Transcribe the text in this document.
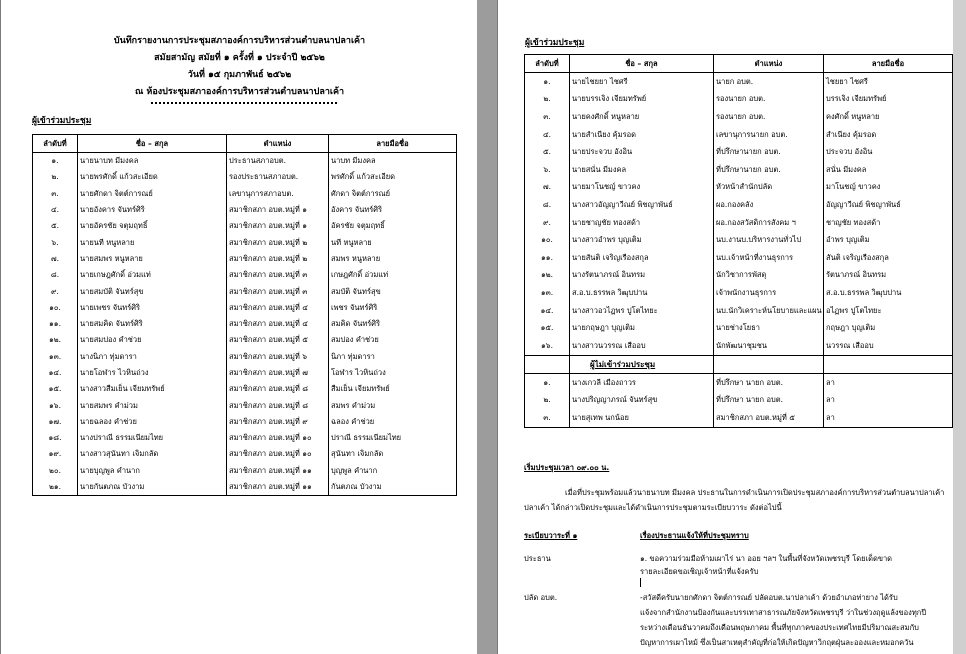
บันทึกรายงานการประชุมสภาองค์การบริหารส่วนตำบลนาปลาเค้า
สมัยสามัญ สมัยที่ ๑ ครั้งที่ ๑ ประจำปี ๒๕๖๒
วันที่ ๑๕ กุมภาพันธ์ ๒๕๖๒
ณ ห้องประชุมสภาองค์การบริหารส่วนตำบลนาปลาเค้า
ผู้เข้าร่วมประชุม
ลำดับที่	ชื่อ – สกุล	ตำแหน่ง	ลายมือชื่อ
๑.	นายนาบท มีมงคล	ประธานสภาอบต.	นาบท มีมงคล
๒.	นายพรศักดิ์ แก้วสะเอียด	รองประธานสภาอบต.	พรศักดิ์ แก้วสะเอียด
๓.	นายศักดา จิตต์การณย์	เลขานุการสภาอบต.	ศักดา จิตต์การณย์
๔.	นายอังคาร จันทร์ศิริ	สมาชิกสภา อบต.หมู่ที่ ๑	อังคาร จันทร์ศิริ
๕.	นายอัครชัย จตุมฤทธิ์	สมาชิกสภา อบต.หมู่ที่ ๑	อัครชัย จตุมฤทธิ์
๖.	นายนที หนูหลาย	สมาชิกสภา อบต.หมู่ที่ ๒	นที หนูหลาย
๗.	นายสมพร หนูหลาย	สมาชิกสภา อบต.หมู่ที่ ๒	สมพร หนูหลาย
๘.	นายเกษฎศักดิ์ อ่วมแท่	สมาชิกสภา อบต.หมู่ที่ ๓	เกษฎศักดิ์ อ่วมแท่
๙.	นายสมบัติ จันทร์สุข	สมาชิกสภา อบต.หมู่ที่ ๓	สมบัติ จันทร์สุข
๑๐.	นายเพชร จันทร์ศิริ	สมาชิกสภา อบต.หมู่ที่ ๔	เพชร จันทร์ศิริ
๑๑.	นายสมคิด จันทร์ศิริ	สมาชิกสภา อบต.หมู่ที่ ๔	สมคิด จันทร์ศิริ
๑๒.	นายสมปอง คำช่วย	สมาชิกสภา อบต.หมู่ที่ ๕	สมปอง คำช่วย
๑๓.	นางนิภา ทุ่มดารา	สมาชิกสภา อบต.หมู่ที่ ๖	นิภา ทุ่มดารา
๑๔.	นายโอฬาร ไวหินถ่วง	สมาชิกสภา อบต.หมู่ที่ ๗	โอฬาร ไวหินถ่วง
๑๕.	นางสาวสืมเย็น เจียมทรัพย์	สมาชิกสภา อบต.หมู่ที่ ๘	สืมเย็น เจียมทรัพย์
๑๖.	นายสมพร คำม่วม	สมาชิกสภา อบต.หมู่ที่ ๘	สมพร คำม่วม
๑๗.	นายฉลอง คำช่วย	สมาชิกสภา อบต.หมู่ที่ ๙	ฉลอง คำช่วย
๑๘.	นางปราณี ธรรมเนียมไทย	สมาชิกสภา อบต.หมู่ที่ ๑๐	ปราณี ธรรมเนียมไทย
๑๙.	นางสาวสุนันทา เจิมกลัด	สมาชิกสภา อบต.หมู่ที่ ๑๐	สุนันทา เจิมกลัด
๒๐.	นายบุญพูล คำนาก	สมาชิกสภา อบต.หมู่ที่ ๑๑	บุญพูล คำนาก
๒๑.	นายกันตภณ บัวงาม	สมาชิกสภา อบต.หมู่ที่ ๑๑	กันตภณ บัวงาม
ผู้เข้าร่วมประชุม
ลำดับที่	ชื่อ – สกุล	ตำแหน่ง	ลายมือชื่อ
๑.	นายไชยยา ไชศรี	นายก อบต.	ไชยยา ไชศรี
๒.	นายบรรเจิง เจียมทรัพย์	รองนายก อบต.	บรรเจิง เจียมทรัพย์
๓.	นายคงศักดิ์ หนูหลาย	รองนายก อบต.	คงศักดิ์ หนูหลาย
๔.	นายสำเนียง คุ้มรอด	เลขานุการนายก อบต.	สำเนียง คุ้มรอด
๕.	นายประจวบ อังอิน	ที่ปรึกษานายก อบต.	ประจวบ อังอิน
๖.	นายสนั่น มีมงคล	ที่ปรึกษานายก อบต.	สนั่น มีมงคล
๗.	นายมาโนชญ์ ขาวคง	หัวหน้าสำนักปลัด	มาโนชญ์ ขาวคง
๘.	นางสาวอัญญาวีณย์ พิชญาพันธ์	ผอ.กองคลัง	อัญญาวีณย์ พิชญาพันธ์
๙.	นายชาญชัย ทองสด้า	ผอ.กองสวัสดิการสังคม ฯ	ชาญชัย ทองสด้า
๑๐.	นางสาวอำพร บุญเติม	นบ.งานบ.บริหารงานทั่วไป	อำพร บุญเติม
๑๑.	นายสันติ เจริญเรืองสกุล	นบ.เจ้าหน้าที่งานธุรการ	สันติ เจริญเรืองสกุล
๑๒.	นางรัตนาภรณ์ อินทรม	นักวิชาการพัสดุ	รัตนาภรณ์ อินทรม
๑๓.	ส.อ.บ.ธรรพล วิฒุบปาน	เจ้าพนักงานธุรการ	ส.อ.บ.ธรรพล วิฒุบปาน
๑๔.	นางสาวอวไฏพร ปูโตไทยะ	นบ.นักวิเคราะห์นโยบายและแผน	อไฏพร ปูโตไทยะ
๑๕.	นายกฤษฎา บุญเติม	นายช่างโยธา	กฤษฎา บุญเติม
๑๖.	นางสาวนวรรณ เสืออบ	นักพัฒนาชุมชน	นวรรณ เสืออบ
	ผู้ไม่เข้าร่วมประชุม		
๑.	นางเกวลี เมืองถาวร	ที่ปรึกษา นายก อบต.	ลา
๒.	นางปริญญาภรณ์ จันทร์สุข	ที่ปรึกษา นายก อบต.	ลา
๓.	นายสุเทพ นกน้อย	สมาชิกสภา อบต.หมู่ที่ ๕	ลา
เริ่มประชุมเวลา ๐๙.๐๐ น.
เมื่อที่ประชุมพร้อมแล้วนายนาบท มีมงคล ประธานในการดำเนินการเปิดประชุมสภาองค์การบริหารส่วนตำบลนาปลาเค้า
ปลาเค้า ได้กล่าวเปิดประชุมและได้ดำเนินการประชุมตามระเบียบวาระ ดังต่อไปนี้
ระเบียบวาระที่ ๑	เรื่องประธานแจ้งให้ที่ประชุมทราบ
ประธาน	๑. ขอความร่วมมือห้ามเผาไร่ นา ออย ฯลฯ ในพื้นที่จังหวัดเพชรบุรี โดยเด็ดขาด
รายละเอียดขอเชิญเจ้าหน้าที่แจ้งครับ
ปลัด อบต.	-สวัสดีครับนายกศักดา จิตต์การณย์ ปลัดอบต.นาปลาเค้า ด้วยอำเภอท่ายาง ได้รับ
แจ้งจากสำนักงานป้องกันและบรรเทาสาธารณภัยจังหวัดเพชรบุรี ว่าในช่วงฤดูแล้งของทุกปี
ระหว่างเดือนธันวาคมถึงเดือนพฤษภาคม พื้นที่ทุกภาคของประเทศไทยมีปริมาณสะสมกับ
ปัญหาการเผาไหม้ ซึ่งเป็นสาเหตุสำคัญที่ก่อให้เกิดปัญหาวิกฤตฝุ่นละอองและหมอกควัน
